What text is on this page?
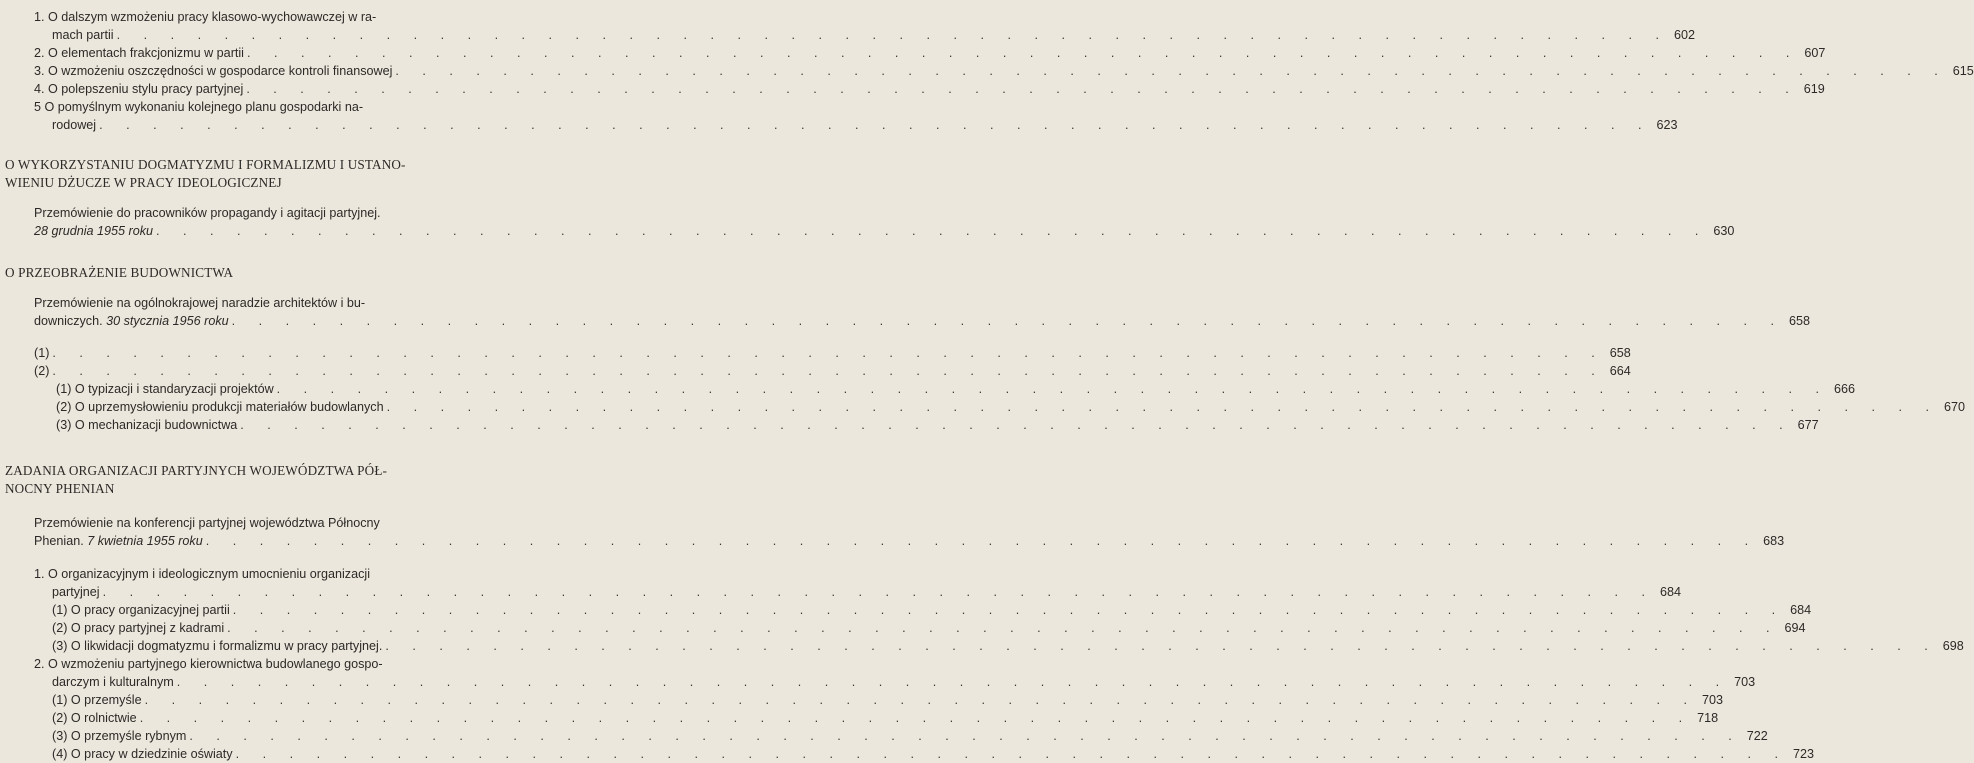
1. O dalszym wzmożeniu pracy klasowo-wychowawczej w ra-
mach partii . . .	602
2. O elementach frakcjonizmu w partii . . .	607
3. O wzmożeniu oszczędności w gospodarce kontroli finansowej . . .	615
4. O polepszeniu stylu pracy partyjnej . . .	619
5 O pomyślnym wykonaniu kolejnego planu gospodarki na-
rodowej . . .	623
O WYKORZYSTANIU DOGMATYZMU I FORMALIZMU I USTANO-
WIENIU DŻUCZE W PRACY IDEOLOGICZNEJ
Przemówienie do pracowników propagandy i agitacji partyjnej.
28 grudnia 1955 roku . . .	630
O PRZEOBRAŻENIE BUDOWNICTWA
Przemówienie na ogólnokrajowej naradzie architektów i bu-
downiczych. 30 stycznia 1956 roku . . .	658
(1) . . .	658
(2) . . .	664
(1) O typizacji i standaryzacji projektów . . .	666
(2) O uprzemysłowieniu produkcji materiałów budowlanych . . .	670
(3) O mechanizacji budownictwa . . .	677
ZADANIA ORGANIZACJI PARTYJNYCH WOJEWÓDZTWA PÓŁ-
NOCNY PHENIAN
Przemówienie na konferencji partyjnej województwa Północny
Phenian. 7 kwietnia 1955 roku . . .	683
1. O organizacyjnym i ideologicznym umocnieniu organizacji
partyjnej . . .	684
(1) O pracy organizacyjnej partii . . .	684
(2) O pracy partyjnej z kadrami . . .	694
(3) O likwidacji dogmatyzmu i formalizmu w pracy partyjnej. . . .	698
2. O wzmożeniu partyjnego kierownictwa budowlanego gospo-
darczym i kulturalnym . . .	703
(1) O przemyśle . . .	703
(2) O rolnictwie . . .	718
(3) O przemyśle rybnym . . .	722
(4) O pracy w dziedzinie oświaty . . .	723
